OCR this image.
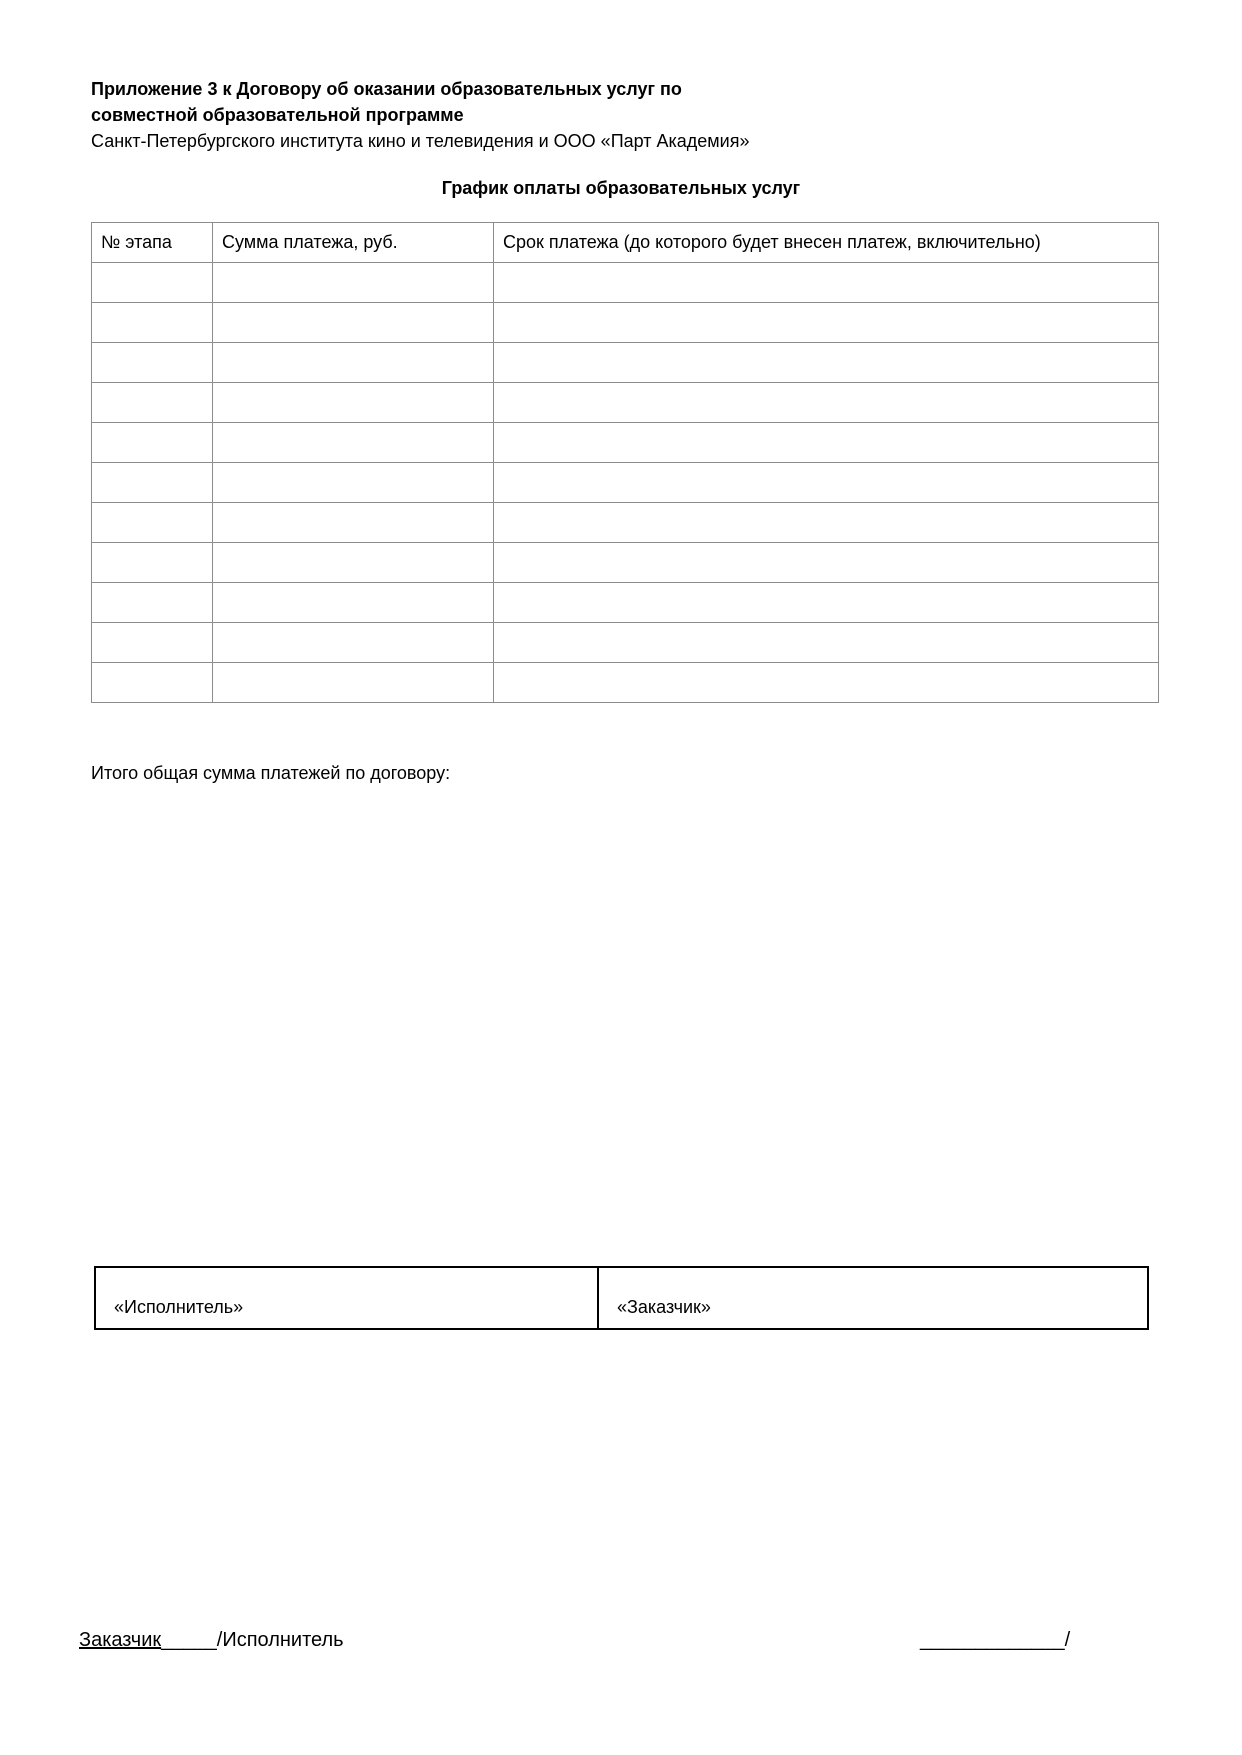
Приложение 3 к Договору об оказании образовательных услуг по
совместной образовательной программе
Санкт-Петербургского института кино и телевидения и ООО «Парт Академия»
График оплаты образовательных услуг
№ этапа	Сумма платежа, руб.	Срок платежа (до которого будет внесен платеж, включительно)

Итого общая сумма платежей по договору:
«Исполнитель»	«Заказчик»
Заказчик_____/Исполнитель	_____________/
